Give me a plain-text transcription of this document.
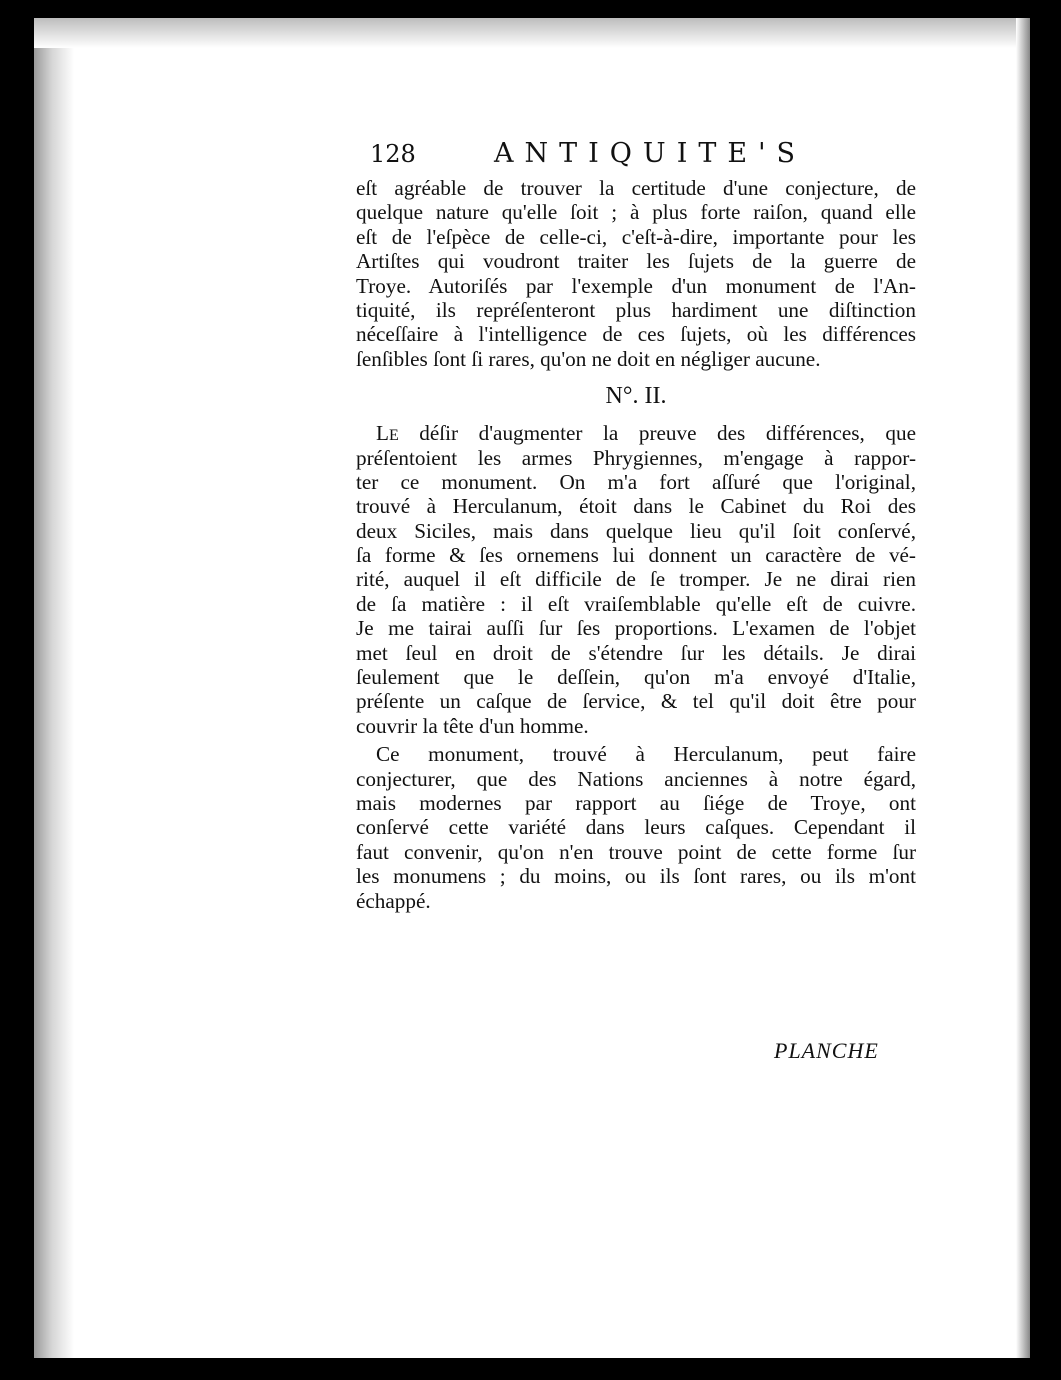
128	ANTIQUITE'S
eſt agréable de trouver la certitude d'une conjecture, de
quelque nature qu'elle ſoit ; à plus forte raiſon, quand elle
eſt de l'eſpèce de celle-ci, c'eſt-à-dire, importante pour les
Artiſtes qui voudront traiter les ſujets de la guerre de
Troye. Autoriſés par l'exemple d'un monument de l'An-
tiquité, ils repréſenteront plus hardiment une diſtinction
néceſſaire à l'intelligence de ces ſujets, où les différences
ſenſibles ſont ſi rares, qu'on ne doit en négliger aucune.
N°. II.
LE déſir d'augmenter la preuve des différences, que
préſentoient les armes Phrygiennes, m'engage à rappor-
ter ce monument. On m'a fort aſſuré que l'original,
trouvé à Herculanum, étoit dans le Cabinet du Roi des
deux Siciles, mais dans quelque lieu qu'il ſoit conſervé,
ſa forme & ſes ornemens lui donnent un caractère de vé-
rité, auquel il eſt difficile de ſe tromper. Je ne dirai rien
de ſa matière : il eſt vraiſemblable qu'elle eſt de cuivre.
Je me tairai auſſi ſur ſes proportions. L'examen de l'objet
met ſeul en droit de s'étendre ſur les détails. Je dirai
ſeulement que le deſſein, qu'on m'a envoyé d'Italie,
préſente un caſque de ſervice, & tel qu'il doit être pour
couvrir la tête d'un homme.
Ce monument, trouvé à Herculanum, peut faire
conjecturer, que des Nations anciennes à notre égard,
mais modernes par rapport au ſiége de Troye, ont
conſervé cette variété dans leurs caſques. Cependant il
faut convenir, qu'on n'en trouve point de cette forme ſur
les monumens ; du moins, ou ils ſont rares, ou ils m'ont
échappé.
PLANCHE
